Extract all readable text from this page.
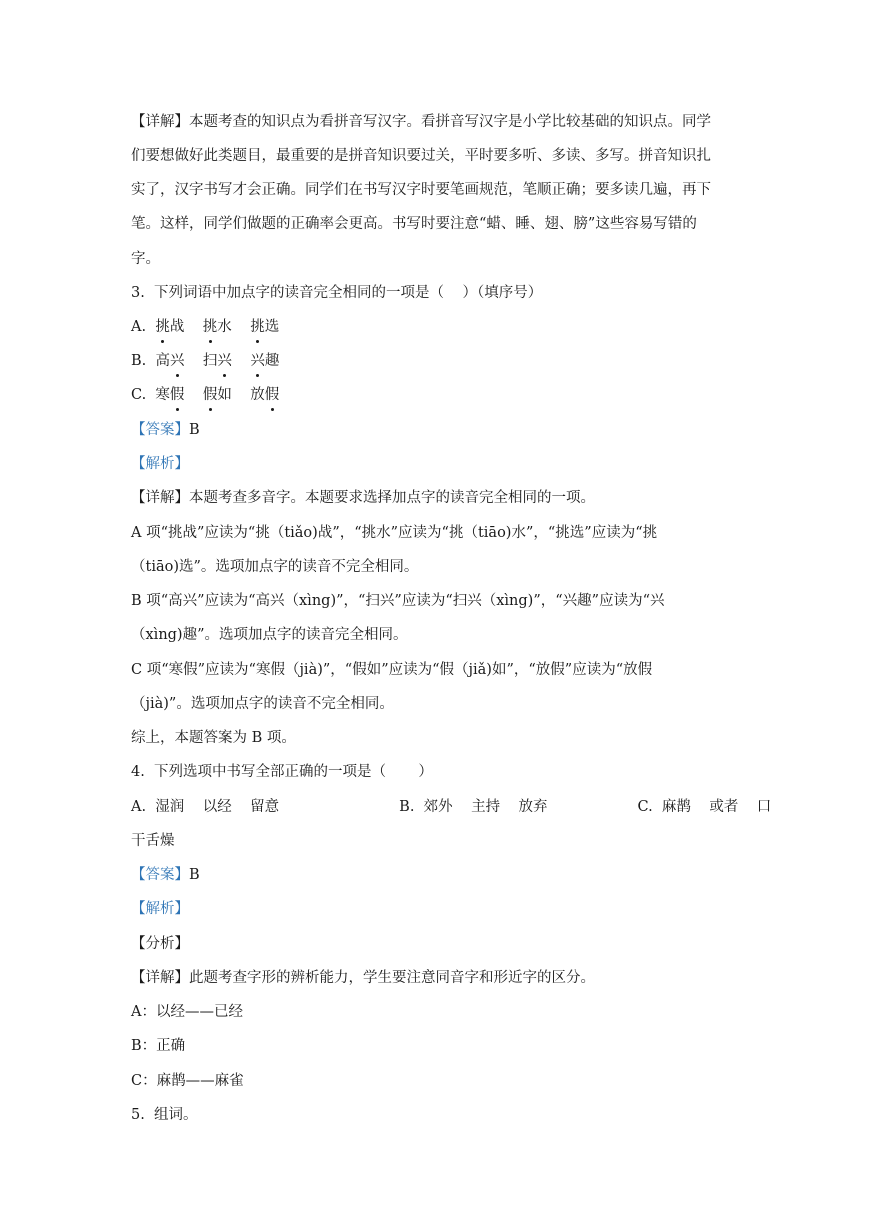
【详解】本题考查的知识点为看拼音写汉字。看拼音写汉字是小学比较基础的知识点。同学
们要想做好此类题目，最重要的是拼音知识要过关，平时要多听、多读、多写。拼音知识扎
实了，汉字书写才会正确。同学们在书写汉字时要笔画规范，笔顺正确；要多读几遍，再下
笔。这样，同学们做题的正确率会更高。书写时要注意“蜡、睡、翅、膀”这些容易写错的
字。
3.  下列词语中加点字的读音完全相同的一项是（    ）（填序号）
A. 挑战 挑水 挑选
B. 高兴 扫兴 兴趣
C. 寒假 假如 放假
【答案】B
【解析】
【详解】本题考查多音字。本题要求选择加点字的读音完全相同的一项。
A 项“挑战”应读为“挑（tiǎo)战”，“挑水”应读为“挑（tiāo)水”，“挑选”应读为“挑
（tiāo)选”。选项加点字的读音不完全相同。
B 项“高兴”应读为“高兴（xìng)”，“扫兴”应读为“扫兴（xìng)”，“兴趣”应读为“兴
（xìng)趣”。选项加点字的读音完全相同。
C 项“寒假”应读为“寒假（jià)”，“假如”应读为“假（jiǎ)如”，“放假”应读为“放假
（jià)”。选项加点字的读音不完全相同。
综上，本题答案为 B 项。
4.  下列选项中书写全部正确的一项是（       ）
A.  湿润    以经    留意	B.  郊外    主持    放弃	C.  麻鹊    或者    口
干舌燥
【答案】B
【解析】
【分析】
【详解】此题考查字形的辨析能力，学生要注意同音字和形近字的区分。
A：以经——已经
B：正确
C：麻鹊——麻雀
5.  组词。
